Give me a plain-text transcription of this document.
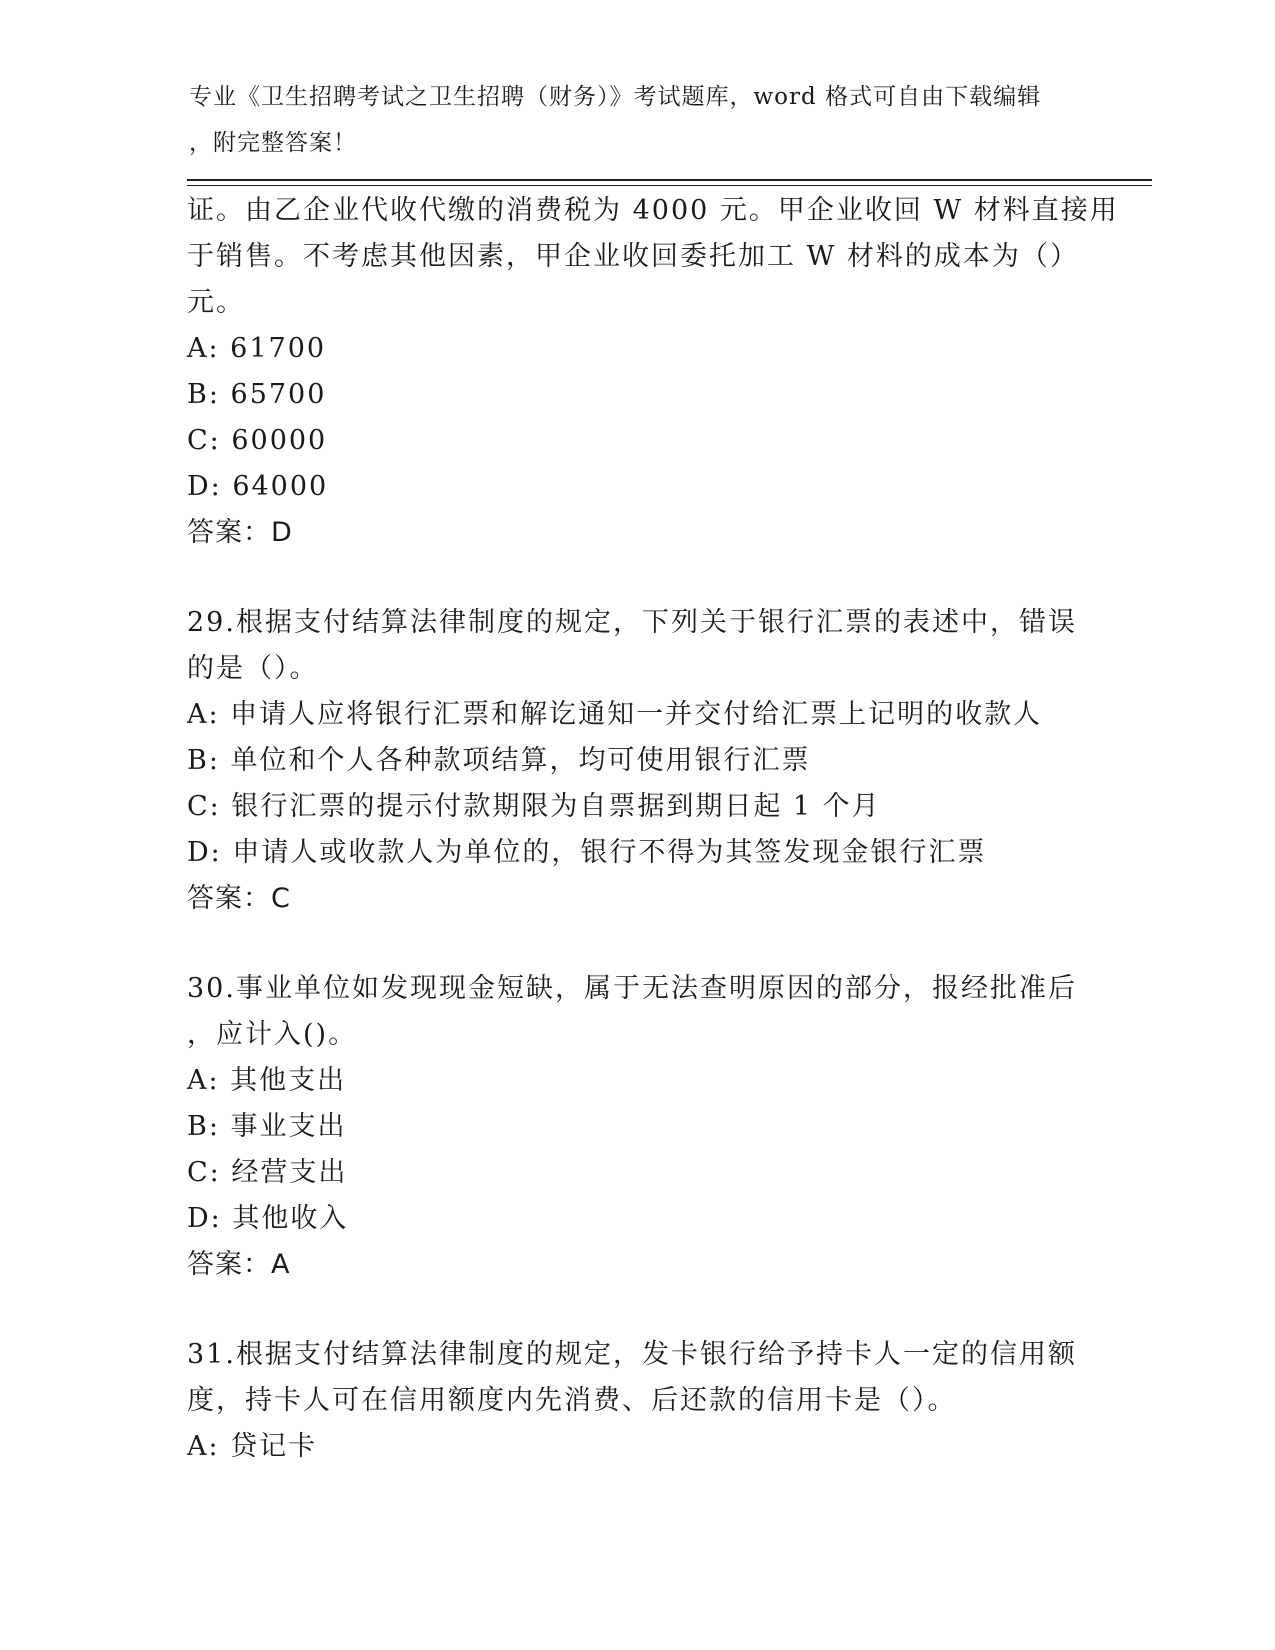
专业《卫生招聘考试之卫生招聘（财务）》考试题库，word 格式可自由下载编辑
，附完整答案！
证。由乙企业代收代缴的消费税为 4000 元。甲企业收回 W 材料直接用
于销售。不考虑其他因素，甲企业收回委托加工 W 材料的成本为（）
元。
A: 61700
B: 65700
C: 60000
D: 64000
答案：D
29.根据支付结算法律制度的规定，下列关于银行汇票的表述中，错误
的是（）。
A: 申请人应将银行汇票和解讫通知一并交付给汇票上记明的收款人
B: 单位和个人各种款项结算，均可使用银行汇票
C: 银行汇票的提示付款期限为自票据到期日起 1 个月
D: 申请人或收款人为单位的，银行不得为其签发现金银行汇票
答案：C
30.事业单位如发现现金短缺，属于无法查明原因的部分，报经批准后
，应计入()。
A: 其他支出
B: 事业支出
C: 经营支出
D: 其他收入
答案：A
31.根据支付结算法律制度的规定，发卡银行给予持卡人一定的信用额
度，持卡人可在信用额度内先消费、后还款的信用卡是（）。
A: 贷记卡
